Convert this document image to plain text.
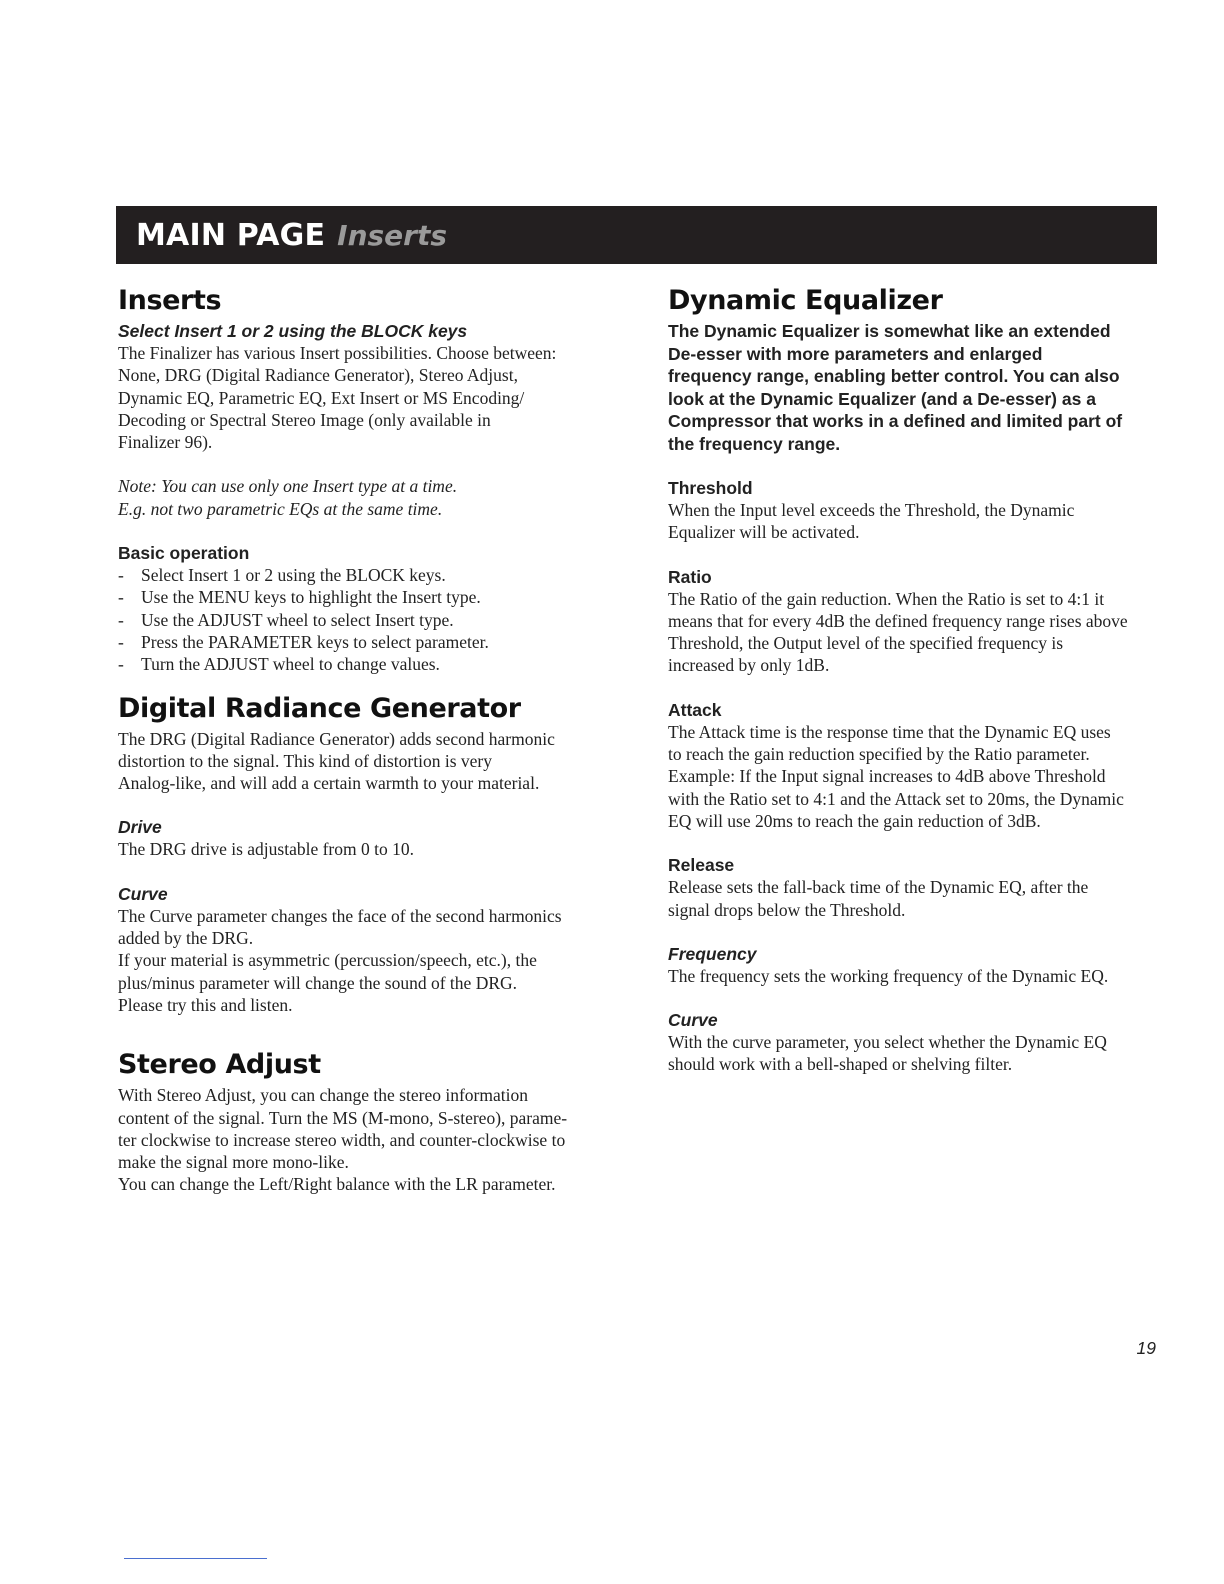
MAIN PAGE Inserts
Inserts

Select Insert 1 or 2 using the BLOCK keys

The Finalizer has various Insert possibilities. Choose between:
None, DRG (Digital Radiance Generator), Stereo Adjust,
Dynamic EQ, Parametric EQ, Ext Insert or MS Encoding/
Decoding or Spectral Stereo Image (only available in
Finalizer 96).

Note: You can use only one Insert type at a time.
E.g. not two parametric EQs at the same time.

Basic operation

- Select Insert 1 or 2 using the BLOCK keys.
- Use the MENU keys to highlight the Insert type.
- Use the ADJUST wheel to select Insert type.
- Press the PARAMETER keys to select parameter.
- Turn the ADJUST wheel to change values.
Digital Radiance Generator

The DRG (Digital Radiance Generator) adds second harmonic
distortion to the signal. This kind of distortion is very
Analog-like, and will add a certain warmth to your material.

Drive

The DRG drive is adjustable from 0 to 10.

Curve

The Curve parameter changes the face of the second harmonics
added by the DRG.
If your material is asymmetric (percussion/speech, etc.), the
plus/minus parameter will change the sound of the DRG.
Please try this and listen.

Stereo Adjust

With Stereo Adjust, you can change the stereo information
content of the signal. Turn the MS (M-mono, S-stereo), parame-
ter clockwise to increase stereo width, and counter-clockwise to
make the signal more mono-like.
You can change the Left/Right balance with the LR parameter.

Dynamic Equalizer

The Dynamic Equalizer is somewhat like an extended
De-esser with more parameters and enlarged
frequency range, enabling better control. You can also
look at the Dynamic Equalizer (and a De-esser) as a
Compressor that works in a defined and limited part of
the frequency range.

Threshold

When the Input level exceeds the Threshold, the Dynamic
Equalizer will be activated.

Ratio

The Ratio of the gain reduction. When the Ratio is set to 4:1 it
means that for every 4dB the defined frequency range rises above
Threshold, the Output level of the specified frequency is
increased by only 1dB.

Attack

The Attack time is the response time that the Dynamic EQ uses
to reach the gain reduction specified by the Ratio parameter.
Example: If the Input signal increases to 4dB above Threshold
with the Ratio set to 4:1 and the Attack set to 20ms, the Dynamic
EQ will use 20ms to reach the gain reduction of 3dB.

Release

Release sets the fall-back time of the Dynamic EQ, after the
signal drops below the Threshold.

Frequency

The frequency sets the working frequency of the Dynamic EQ.

Curve

With the curve parameter, you select whether the Dynamic EQ
should work with a bell-shaped or shelving filter.

19
